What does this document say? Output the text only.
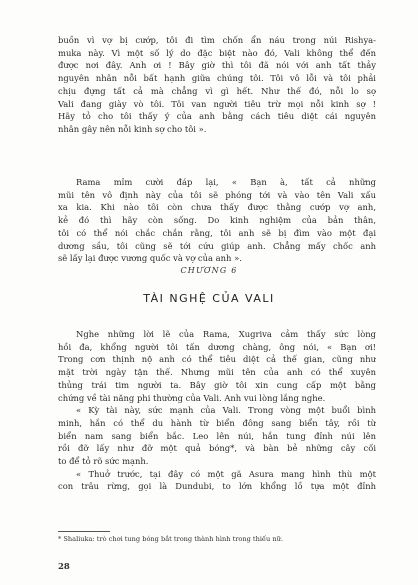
buồn vì vợ bị cướp, tôi đi tìm chốn ẩn náu trong núi Rishya-
muka này. Vì một số lý do đặc biệt nào đó, Vali không thể đến
được nơi đây. Anh ơi ! Bây giờ thì tôi đã nói với anh tất thảy
nguyên nhân nỗi bất hạnh giữa chúng tôi. Tôi vô lỗi và tôi phải
chịu đựng tất cả mà chẳng vì gì hết. Như thế đó, nỗi lo sợ
Vali đang giày vò tôi. Tôi van người tiêu trừ mọi nỗi kinh sợ !
Hãy tỏ cho tôi thấy ý của anh bằng cách tiêu diệt cái nguyên
nhân gây nên nỗi kinh sợ cho tôi ».
Rama mỉm cười đáp lại, « Bạn à, tất cả những
mũi tên vô định này của tôi sẽ phóng tới và vào tên Vali xấu
xa kia. Khi nào tôi còn chưa thấy được thằng cướp vợ anh,
kẻ đó thì hãy còn sống. Do kinh nghiệm của bản thân,
tôi có thể nói chắc chắn rằng, tôi anh sẽ bị đìm vào một đại
dương sầu, tôi cũng sẽ tới cứu giúp anh. Chẳng mấy chốc anh
sẽ lấy lại được vương quốc và vợ của anh ».
CHƯƠNG 6
TÀI NGHỆ CỦA VALI
Nghe những lời lẽ của Rama, Xugriva cảm thấy sức lòng
hồi đa, khổng người tôi tấn dương chàng, ông nói, « Bạn ơi!
Trong cơn thịnh nộ anh có thể tiêu diệt cả thế gian, cũng như
mặt trời ngày tận thế. Nhưng mũi tên của anh có thể xuyên
thủng trái tim người ta. Bây giờ tôi xin cung cấp một bằng
chứng về tài năng phi thường của Vali. Anh vui lòng lắng nghe.
« Kỳ tài này, sức mạnh của Vali. Trong vòng một buổi bình
minh, hắn có thể du hành từ biển đông sang biển tây, rồi từ
biển nam sang biển bắc. Leo lên núi, hắn tung đỉnh núi lên
rồi đỡ lấy như đỡ một quả bóng*, và bàn bẻ những cây cối
to để tỏ rõ sức mạnh.
« Thuở trước, tại đây có một gã Asura mang hình thù một
con trâu rừng, gọi là Dundubi, to lớn khổng lồ tựa một đỉnh
* Shaliuka: trò chơi tung bóng bắt trong thành hình trong thiếu nữ.
28
